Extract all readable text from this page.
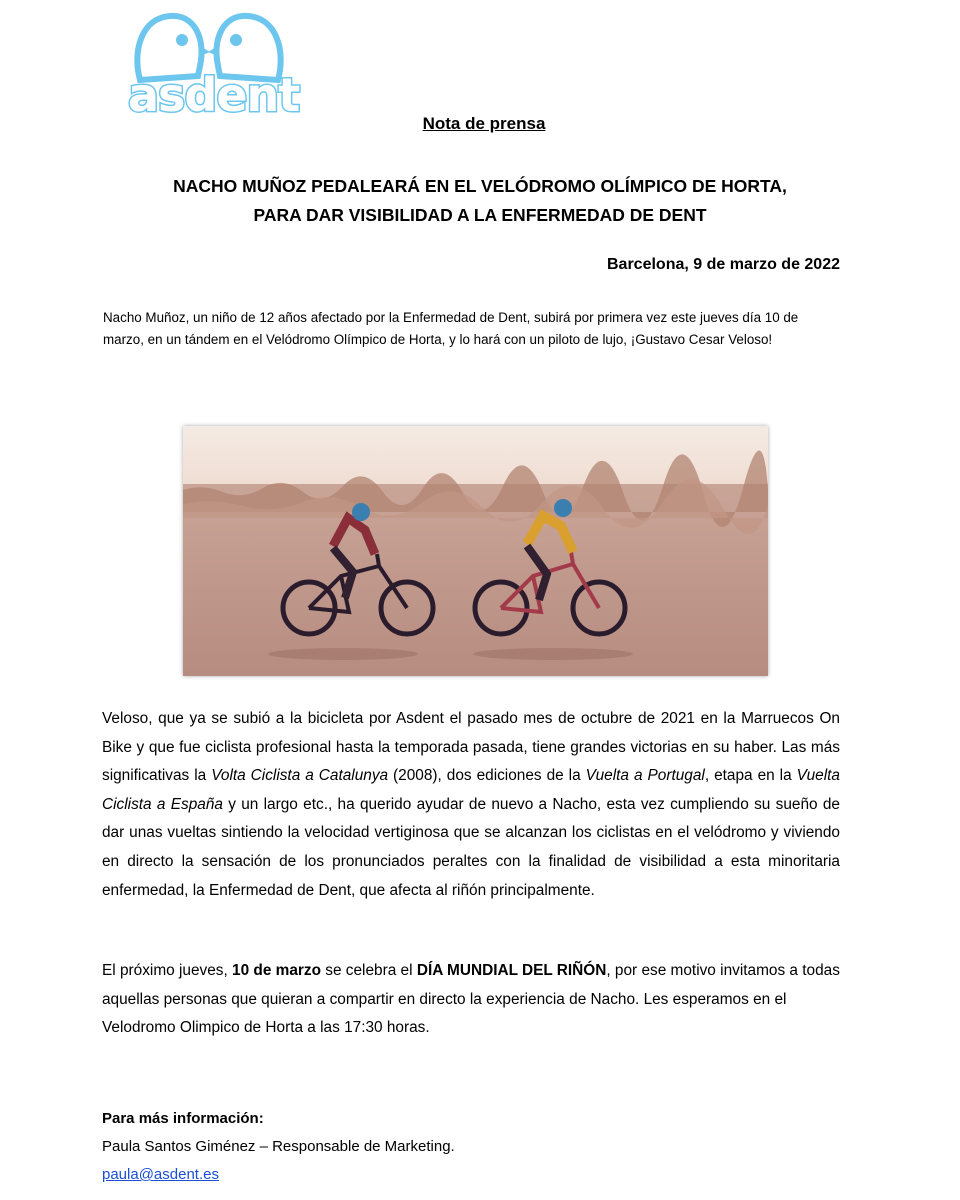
asdent
Nota de prensa
NACHO MUÑOZ PEDALEARÁ EN EL VELÓDROMO OLÍMPICO DE HORTA,
PARA DAR VISIBILIDAD A LA ENFERMEDAD DE DENT
Barcelona, 9 de marzo de 2022
Nacho Muñoz, un niño de 12 años afectado por la Enfermedad de Dent, subirá por primera vez este jueves día 10 de marzo, en un tándem en el Velódromo Olímpico de Horta, y lo hará con un piloto de lujo, ¡Gustavo Cesar Veloso!
Veloso, que ya se subió a la bicicleta por Asdent el pasado mes de octubre de 2021 en la Marruecos On Bike y que fue ciclista profesional hasta la temporada pasada, tiene grandes victorias en su haber. Las más significativas la Volta Ciclista a Catalunya (2008), dos ediciones de la Vuelta a Portugal, etapa en la Vuelta Ciclista a España y un largo etc., ha querido ayudar de nuevo a Nacho, esta vez cumpliendo su sueño de dar unas vueltas sintiendo la velocidad vertiginosa que se alcanzan los ciclistas en el velódromo y viviendo en directo la sensación de los pronunciados peraltes con la finalidad de visibilidad a esta minoritaria enfermedad, la Enfermedad de Dent, que afecta al riñón principalmente.
El próximo jueves, 10 de marzo se celebra el DÍA MUNDIAL DEL RIÑÓN, por ese motivo invitamos a todas aquellas personas que quieran a compartir en directo la experiencia de Nacho. Les esperamos en el Velodromo Olimpico de Horta a las 17:30 horas.
Para más información:
Paula Santos Giménez – Responsable de Marketing.
paula@asdent.es
